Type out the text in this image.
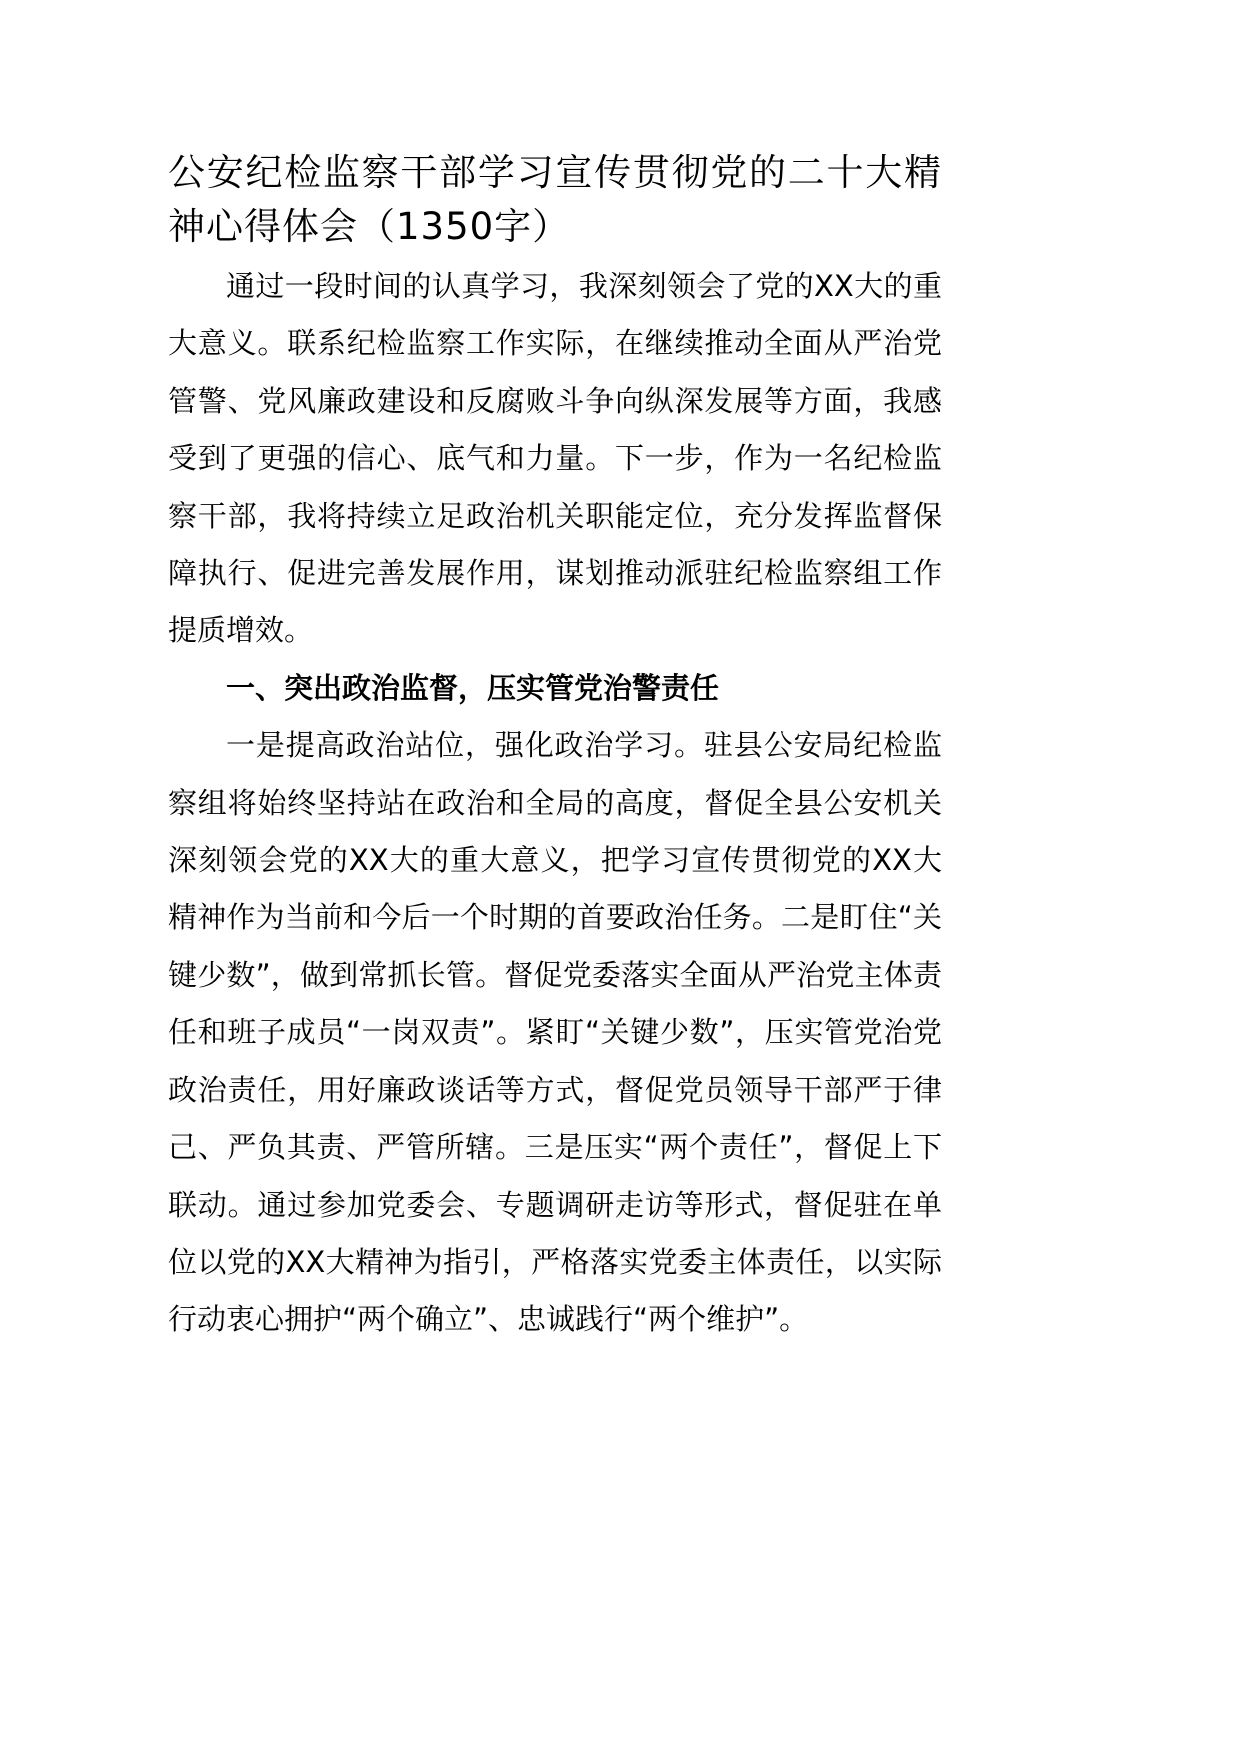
公安纪检监察干部学习宣传贯彻党的二十大精神心得体会（1350字）

通过一段时间的认真学习，我深刻领会了党的XX大的重大意义。联系纪检监察工作实际，在继续推动全面从严治党管警、党风廉政建设和反腐败斗争向纵深发展等方面，我感受到了更强的信心、底气和力量。下一步，作为一名纪检监察干部，我将持续立足政治机关职能定位，充分发挥监督保障执行、促进完善发展作用，谋划推动派驻纪检监察组工作提质增效。

一、突出政治监督，压实管党治警责任

一是提高政治站位，强化政治学习。驻县公安局纪检监察组将始终坚持站在政治和全局的高度，督促全县公安机关深刻领会党的XX大的重大意义，把学习宣传贯彻党的XX大精神作为当前和今后一个时期的首要政治任务。二是盯住“关键少数”，做到常抓长管。督促党委落实全面从严治党主体责任和班子成员“一岗双责”。紧盯“关键少数”，压实管党治党政治责任，用好廉政谈话等方式，督促党员领导干部严于律己、严负其责、严管所辖。三是压实“两个责任”，督促上下联动。通过参加党委会、专题调研走访等形式，督促驻在单位以党的XX大精神为指引，严格落实党委主体责任，以实际行动衷心拥护“两个确立”、忠诚践行“两个维护”。
